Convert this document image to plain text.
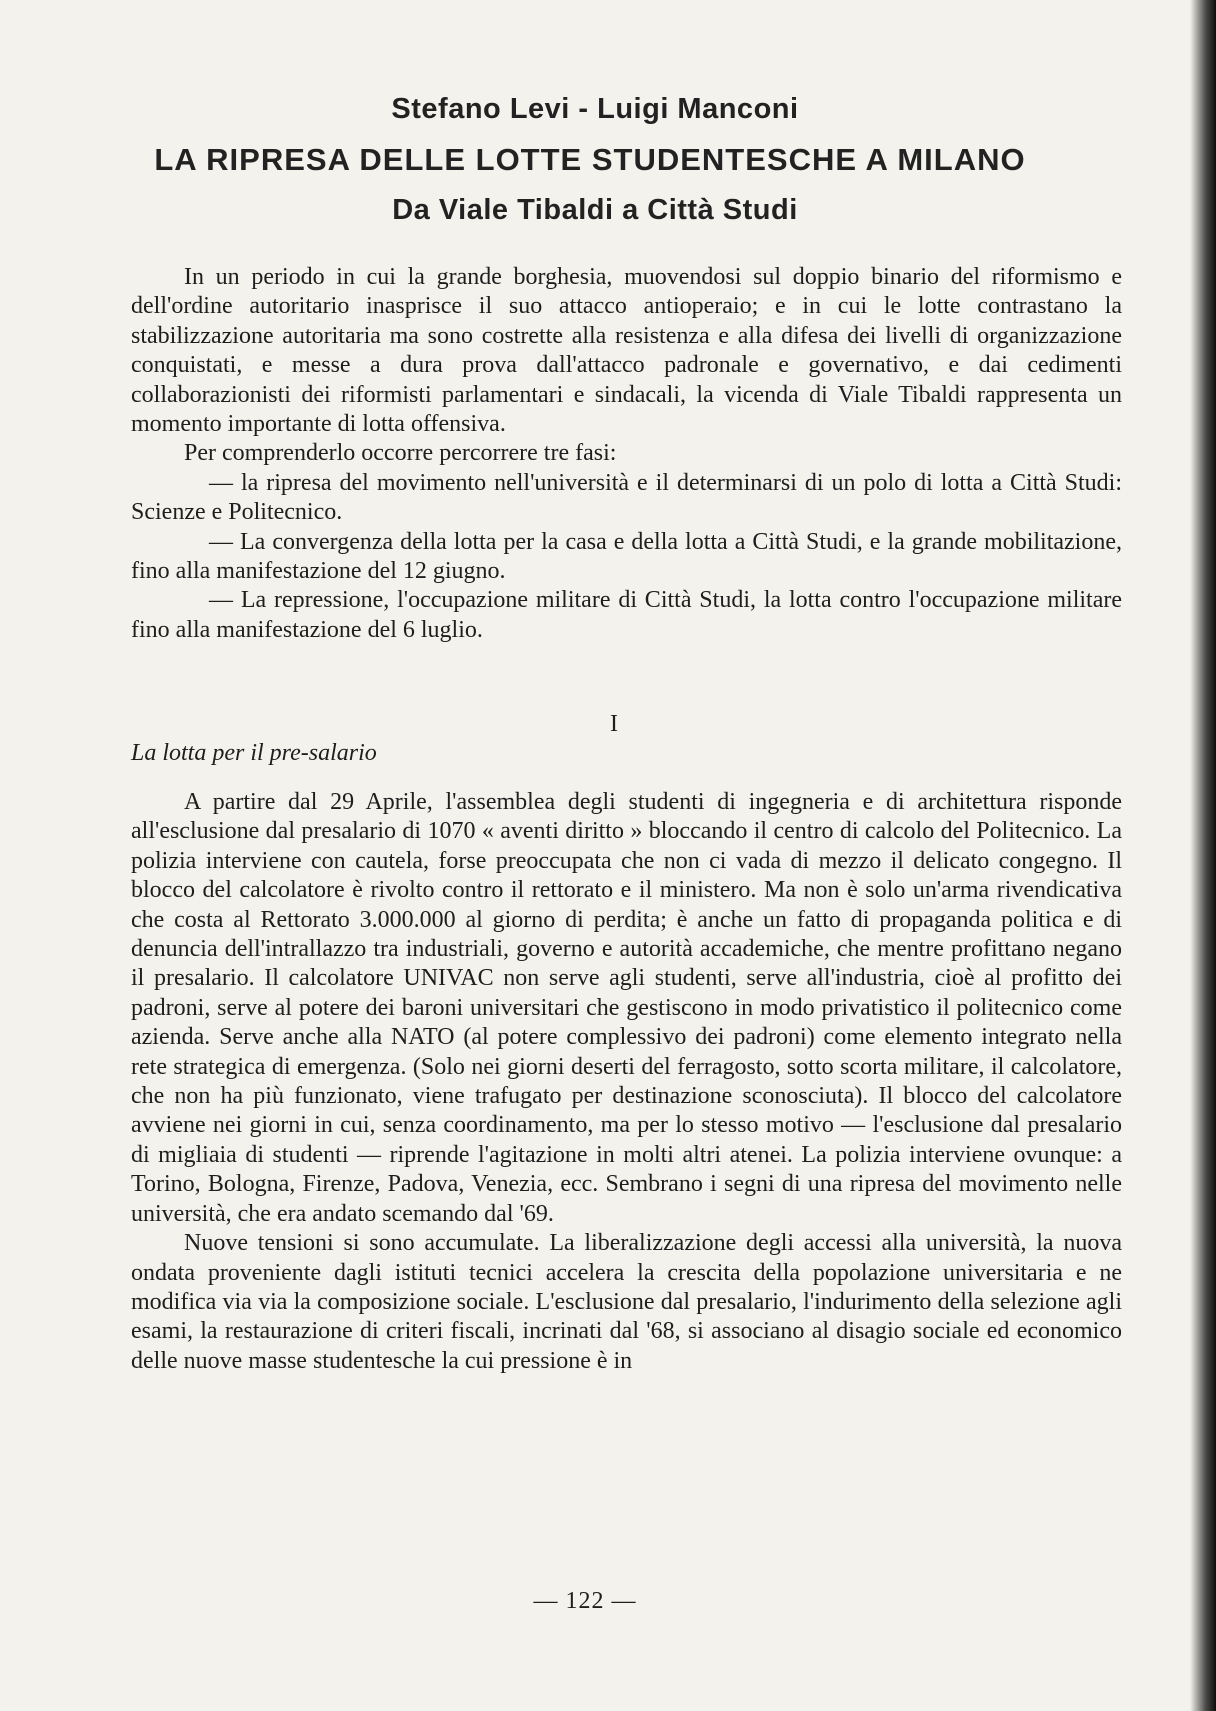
Stefano Levi - Luigi Manconi
LA RIPRESA DELLE LOTTE STUDENTESCHE A MILANO
Da Viale Tibaldi a Città Studi

In un periodo in cui la grande borghesia, muovendosi sul doppio binario del riformismo e dell'ordine autoritario inasprisce il suo attacco antioperaio; e in cui le lotte contrastano la stabilizzazione autoritaria ma sono costrette alla resistenza e alla difesa dei livelli di organizzazione conquistati, e messe a dura prova dall'attacco padronale e governativo, e dai cedimenti collaborazionisti dei riformisti parlamentari e sindacali, la vicenda di Viale Tibaldi rappresenta un momento importante di lotta offensiva.

Per comprenderlo occorre percorrere tre fasi:

— la ripresa del movimento nell'università e il determinarsi di un polo di lotta a Città Studi: Scienze e Politecnico.

— La convergenza della lotta per la casa e della lotta a Città Studi, e la grande mobilitazione, fino alla manifestazione del 12 giugno.

— La repressione, l'occupazione militare di Città Studi, la lotta contro l'occupazione militare fino alla manifestazione del 6 luglio.

I
La lotta per il pre-salario

A partire dal 29 Aprile, l'assemblea degli studenti di ingegneria e di architettura risponde all'esclusione dal presalario di 1070 « aventi diritto » bloccando il centro di calcolo del Politecnico. La polizia interviene con cautela, forse preoccupata che non ci vada di mezzo il delicato congegno. Il blocco del calcolatore è rivolto contro il rettorato e il ministero. Ma non è solo un'arma rivendicativa che costa al Rettorato 3.000.000 al giorno di perdita; è anche un fatto di propaganda politica e di denuncia dell'intrallazzo tra industriali, governo e autorità accademiche, che mentre profittano negano il presalario. Il calcolatore UNIVAC non serve agli studenti, serve all'industria, cioè al profitto dei padroni, serve al potere dei baroni universitari che gestiscono in modo privatistico il politecnico come azienda. Serve anche alla NATO (al potere complessivo dei padroni) come elemento integrato nella rete strategica di emergenza. (Solo nei giorni deserti del ferragosto, sotto scorta militare, il calcolatore, che non ha più funzionato, viene trafugato per destinazione sconosciuta). Il blocco del calcolatore avviene nei giorni in cui, senza coordinamento, ma per lo stesso motivo — l'esclusione dal presalario di migliaia di studenti — riprende l'agitazione in molti altri atenei. La polizia interviene ovunque: a Torino, Bologna, Firenze, Padova, Venezia, ecc. Sembrano i segni di una ripresa del movimento nelle università, che era andato scemando dal '69.

Nuove tensioni si sono accumulate. La liberalizzazione degli accessi alla università, la nuova ondata proveniente dagli istituti tecnici accelera la crescita della popolazione universitaria e ne modifica via via la composizione sociale. L'esclusione dal presalario, l'indurimento della selezione agli esami, la restaurazione di criteri fiscali, incrinati dal '68, si associano al disagio sociale ed economico delle nuove masse studentesche la cui pressione è in

— 122 —
